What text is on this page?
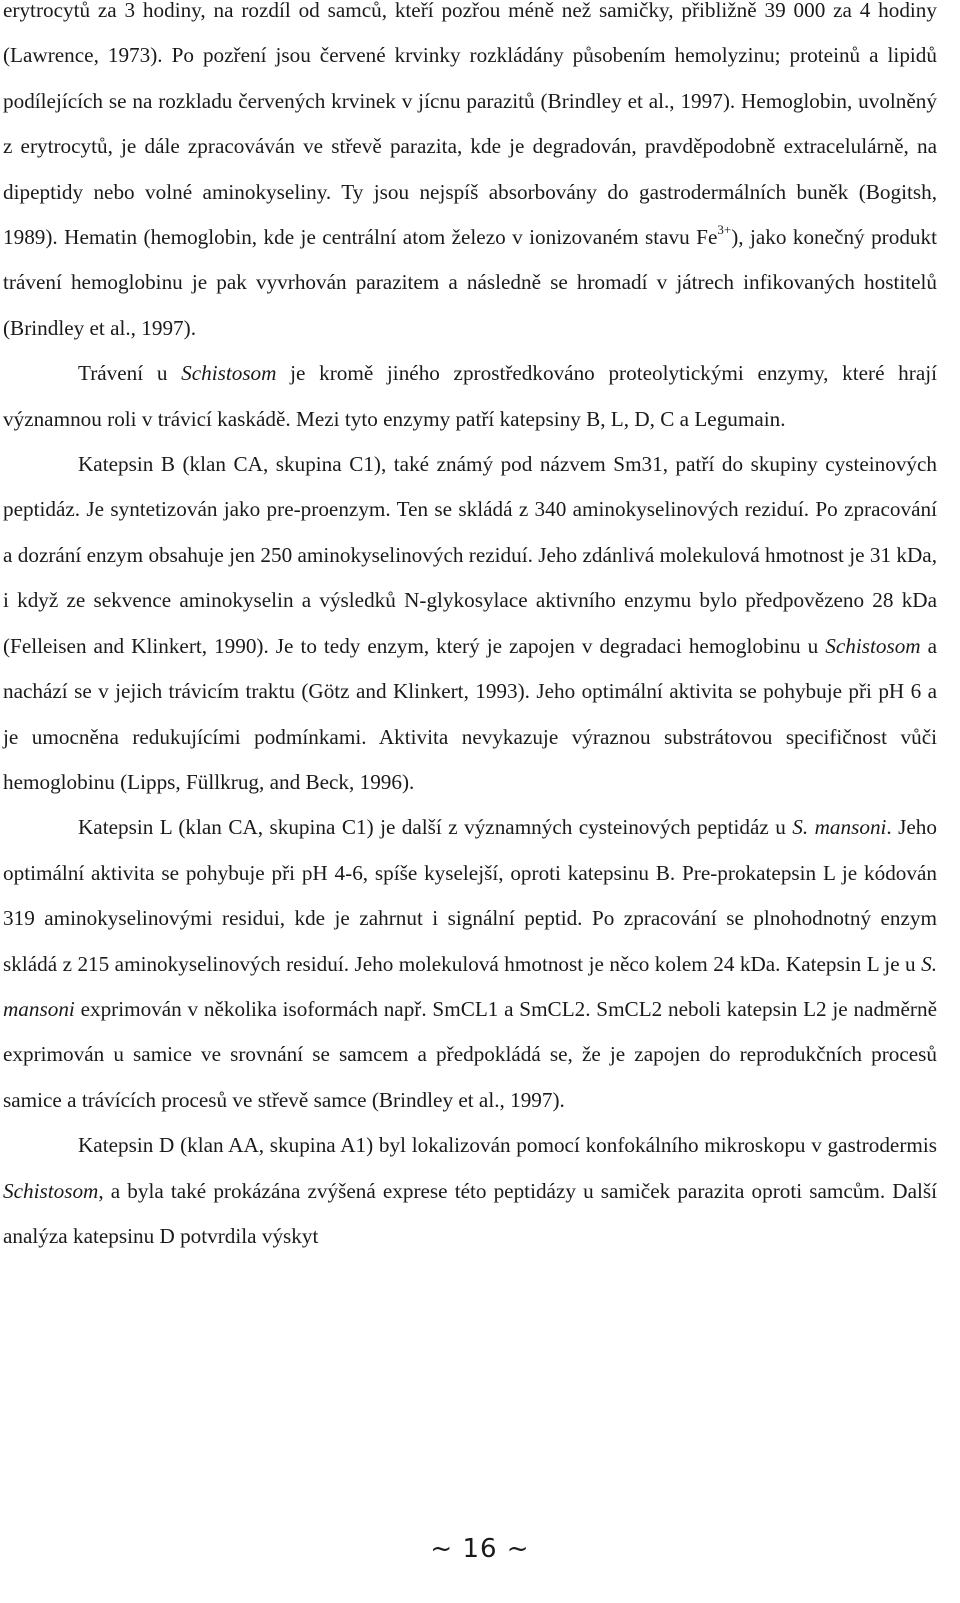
erytrocytů za 3 hodiny, na rozdíl od samců, kteří pozřou méně než samičky, přibližně 39 000 za 4 hodiny (Lawrence, 1973). Po pozření jsou červené krvinky rozkládány působením hemolyzinu; proteinů a lipidů podílejících se na rozkladu červených krvinek v jícnu parazitů (Brindley et al., 1997). Hemoglobin, uvolněný z erytrocytů, je dále zpracováván ve střevě parazita, kde je degradován, pravděpodobně extracelulárně, na dipeptidy nebo volné aminokyseliny. Ty jsou nejspíš absorbovány do gastrodermálních buněk (Bogitsh, 1989). Hematin (hemoglobin, kde je centrální atom železo v ionizovaném stavu $Fe^{3+}$), jako konečný produkt trávení hemoglobinu je pak vyvrhován parazitem a následně se hromadí v játrech infikovaných hostitelů (Brindley et al., 1997).

Trávení u Schistosom je kromě jiného zprostředkováno proteolytickými enzymy, které hrají významnou roli v trávicí kaskádě. Mezi tyto enzymy patří katepsiny B, L, D, C a Legumain.

Katepsin B (klan CA, skupina C1), také známý pod názvem Sm31, patří do skupiny cysteinových peptidáz. Je syntetizován jako pre-proenzym. Ten se skládá z 340 aminokyselinových reziduí. Po zpracování a dozrání enzym obsahuje jen 250 aminokyselinových reziduí. Jeho zdánlivá molekulová hmotnost je 31 kDa, i když ze sekvence aminokyselin a výsledků N-glykosylace aktivního enzymu bylo předpovězeno 28 kDa (Felleisen and Klinkert, 1990). Je to tedy enzym, který je zapojen v degradaci hemoglobinu u Schistosom a nachází se v jejich trávicím traktu (Götz and Klinkert, 1993). Jeho optimální aktivita se pohybuje při pH 6 a je umocněna redukujícími podmínkami. Aktivita nevykazuje výraznou substrátovou specifičnost vůči hemoglobinu (Lipps, Füllkrug, and Beck, 1996).

Katepsin L (klan CA, skupina C1) je další z významných cysteinových peptidáz u S. mansoni. Jeho optimální aktivita se pohybuje při pH 4-6, spíše kyselejší, oproti katepsinu B. Pre-prokatepsin L je kódován 319 aminokyselinovými residui, kde je zahrnut i signální peptid. Po zpracování se plnohodnotný enzym skládá z 215 aminokyselinových residuí. Jeho molekulová hmotnost je něco kolem 24 kDa. Katepsin L je u S. mansoni exprimován v několika isoformách např. SmCL1 a SmCL2. SmCL2 neboli katepsin L2 je nadměrně exprimován u samice ve srovnání se samcem a předpokládá se, že je zapojen do reprodukčních procesů samice a trávících procesů ve střevě samce (Brindley et al., 1997).

Katepsin D (klan AA, skupina A1) byl lokalizován pomocí konfokálního mikroskopu v gastrodermis Schistosom, a byla také prokázána zvýšená exprese této peptidázy u samiček parazita oproti samcům. Další analýza katepsinu D potvrdila výskyt

~ 16 ~
